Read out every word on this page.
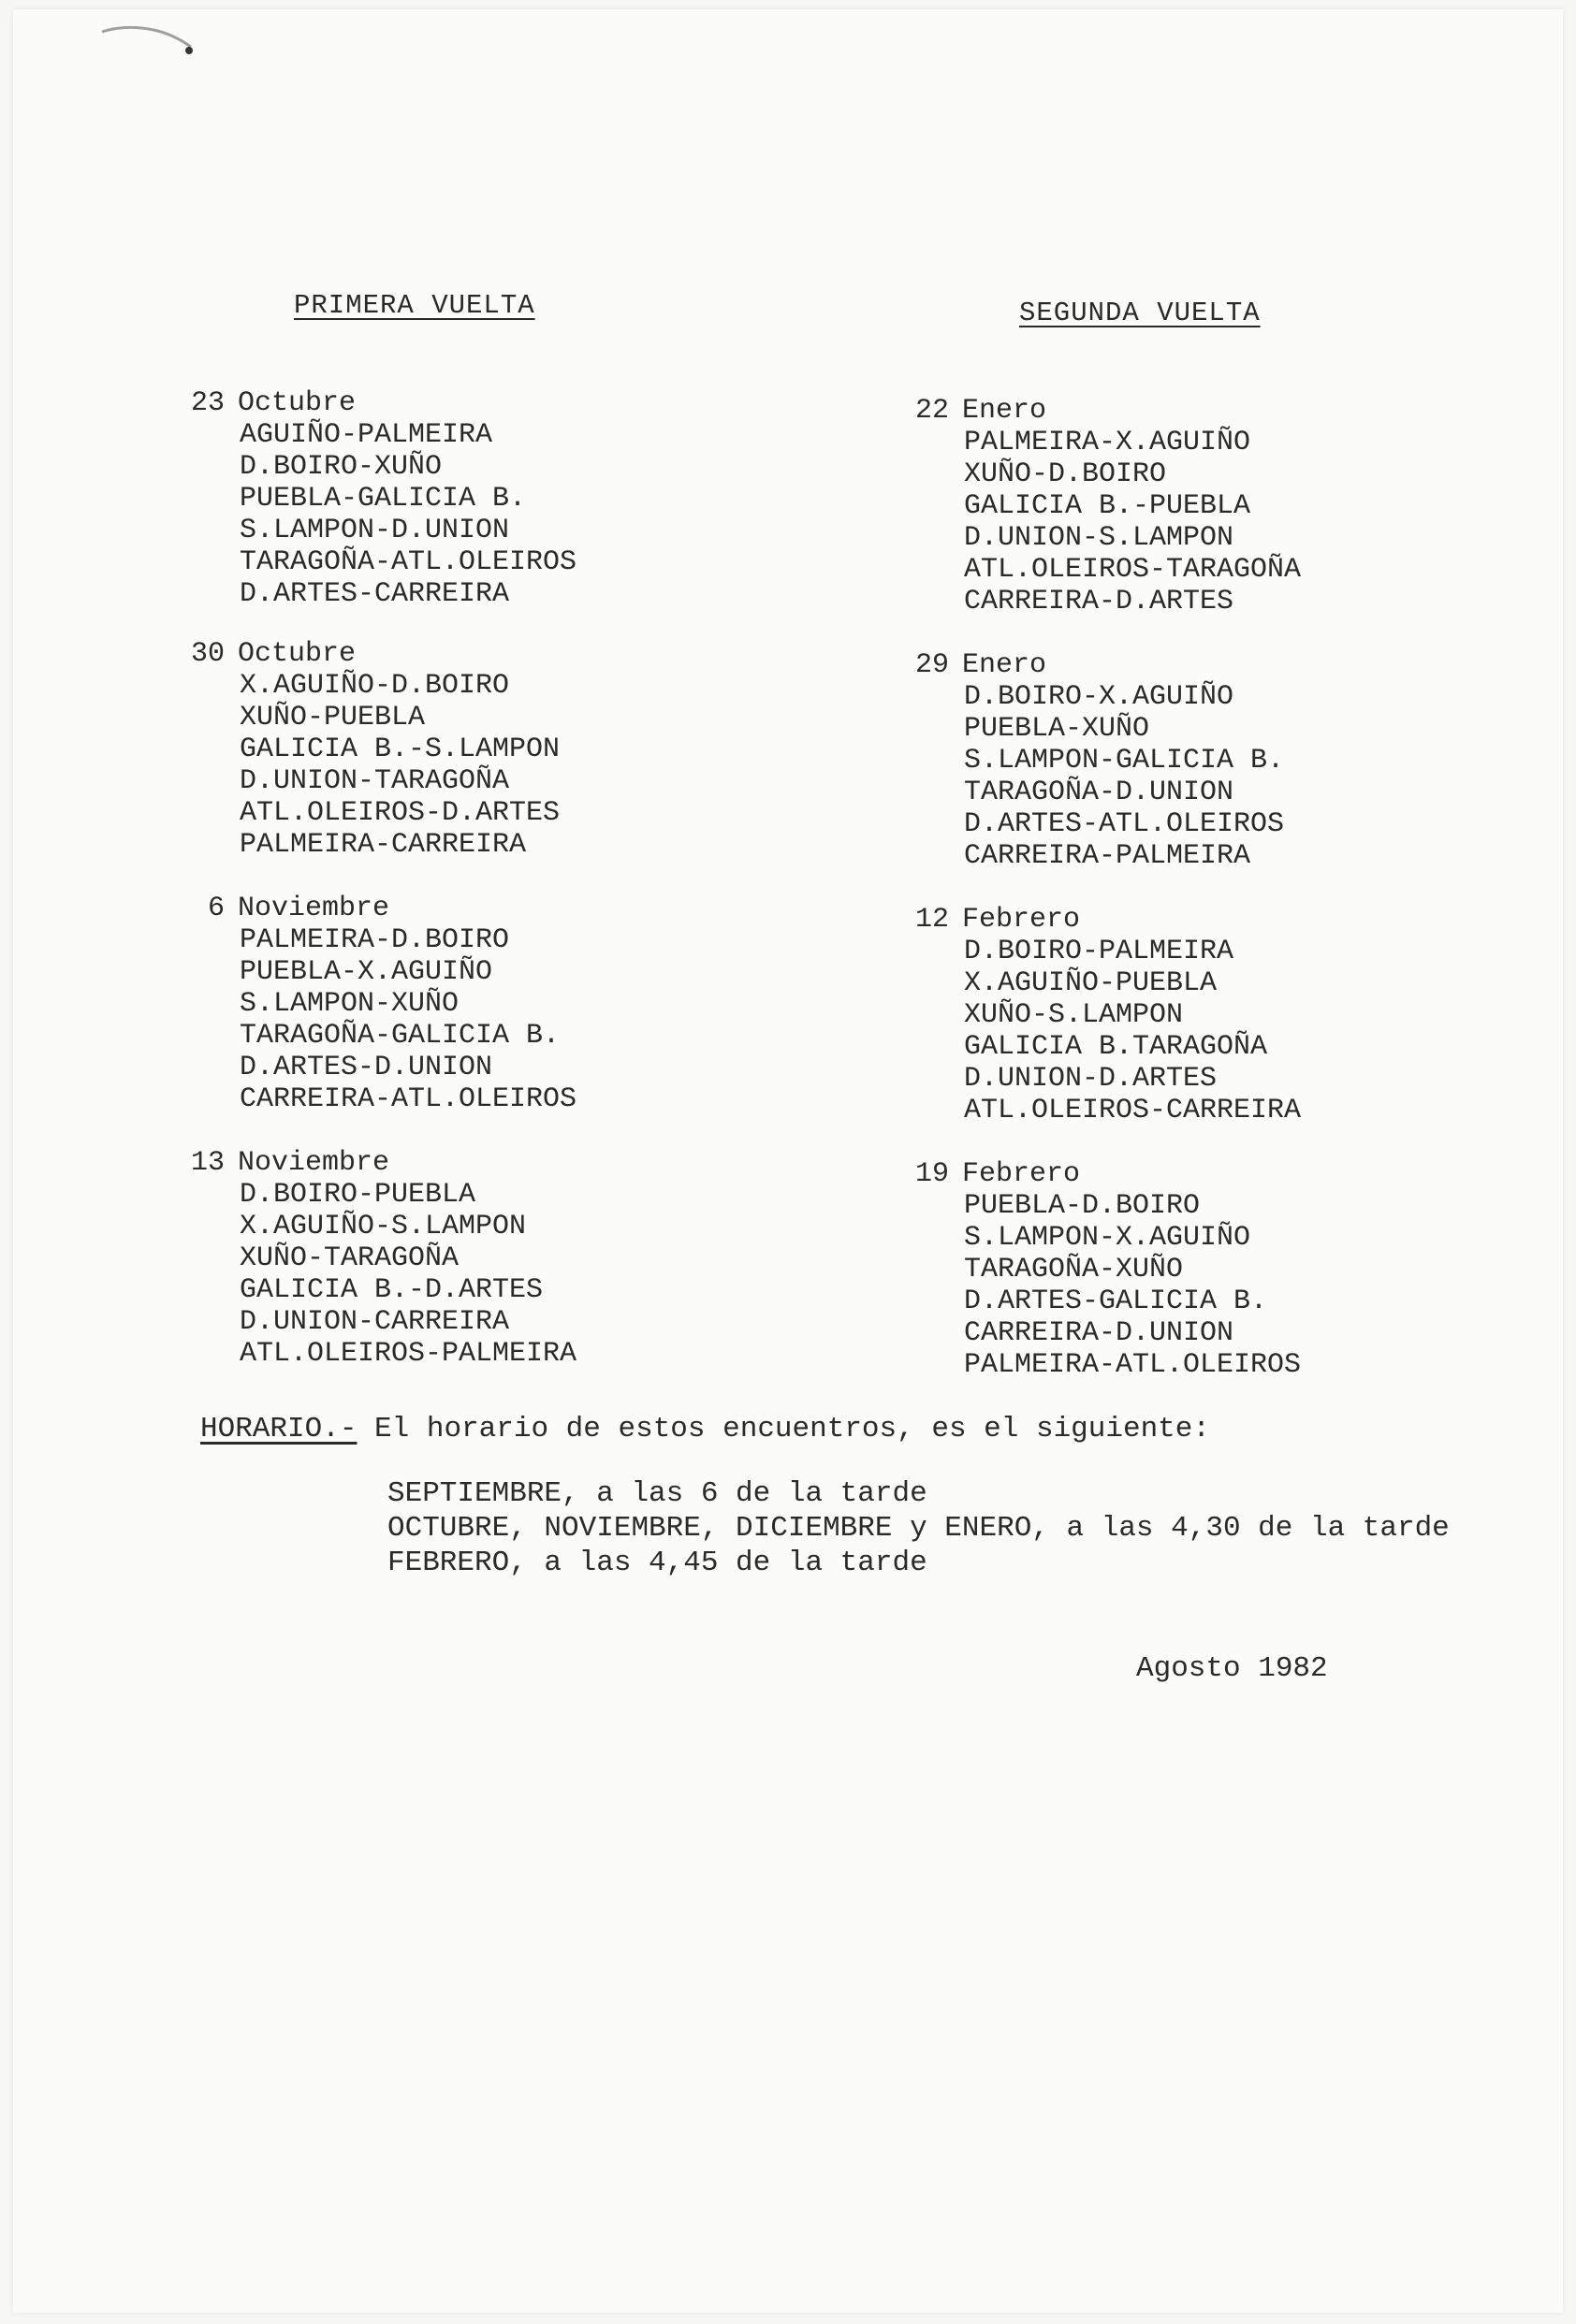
PRIMERA VUELTA	SEGUNDA VUELTA
23 Octubre
AGUIÑO-PALMEIRA
D.BOIRO-XUÑO
PUEBLA-GALICIA B.
S.LAMPON-D.UNION
TARAGOÑA-ATL.OLEIROS
D.ARTES-CARREIRA
30 Octubre
X.AGUIÑO-D.BOIRO
XUÑO-PUEBLA
GALICIA B.-S.LAMPON
D.UNION-TARAGOÑA
ATL.OLEIROS-D.ARTES
PALMEIRA-CARREIRA
6 Noviembre
PALMEIRA-D.BOIRO
PUEBLA-X.AGUIÑO
S.LAMPON-XUÑO
TARAGOÑA-GALICIA B.
D.ARTES-D.UNION
CARREIRA-ATL.OLEIROS
13 Noviembre
D.BOIRO-PUEBLA
X.AGUIÑO-S.LAMPON
XUÑO-TARAGOÑA
GALICIA B.-D.ARTES
D.UNION-CARREIRA
ATL.OLEIROS-PALMEIRA
22 Enero
PALMEIRA-X.AGUIÑO
XUÑO-D.BOIRO
GALICIA B.-PUEBLA
D.UNION-S.LAMPON
ATL.OLEIROS-TARAGOÑA
CARREIRA-D.ARTES
29 Enero
D.BOIRO-X.AGUIÑO
PUEBLA-XUÑO
S.LAMPON-GALICIA B.
TARAGOÑA-D.UNION
D.ARTES-ATL.OLEIROS
CARREIRA-PALMEIRA
12 Febrero
D.BOIRO-PALMEIRA
X.AGUIÑO-PUEBLA
XUÑO-S.LAMPON
GALICIA B.TARAGOÑA
D.UNION-D.ARTES
ATL.OLEIROS-CARREIRA
19 Febrero
PUEBLA-D.BOIRO
S.LAMPON-X.AGUIÑO
TARAGOÑA-XUÑO
D.ARTES-GALICIA B.
CARREIRA-D.UNION
PALMEIRA-ATL.OLEIROS
HORARIO.- El horario de estos encuentros, es el siguiente:
SEPTIEMBRE, a las 6 de la tarde
OCTUBRE, NOVIEMBRE, DICIEMBRE y ENERO, a las 4,30 de la tarde
FEBRERO, a las 4,45 de la tarde
Agosto 1982
